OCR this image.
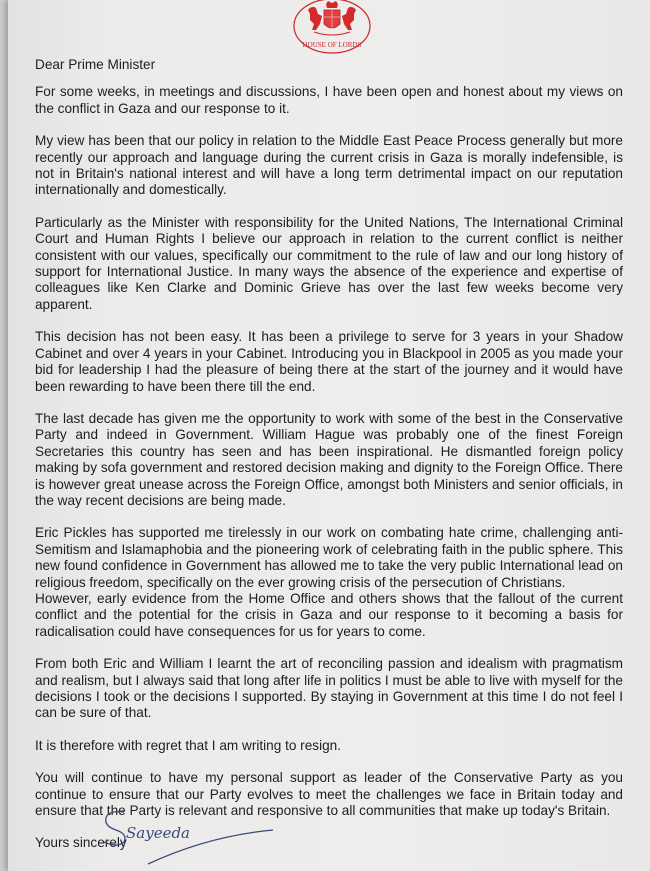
HOUSE OF LORDS
Dear Prime Minister

For some weeks, in meetings and discussions, I have been open and honest about my views on the conflict in Gaza and our response to it.

My view has been that our policy in relation to the Middle East Peace Process generally but more recently our approach and language during the current crisis in Gaza is morally indefensible, is not in Britain's national interest and will have a long term detrimental impact on our reputation internationally and domestically.

Particularly as the Minister with responsibility for the United Nations, The International Criminal Court and Human Rights I believe our approach in relation to the current conflict is neither consistent with our values, specifically our commitment to the rule of law and our long history of support for International Justice. In many ways the absence of the experience and expertise of colleagues like Ken Clarke and Dominic Grieve has over the last few weeks become very apparent.

This decision has not been easy. It has been a privilege to serve for 3 years in your Shadow Cabinet and over 4 years in your Cabinet. Introducing you in Blackpool in 2005 as you made your bid for leadership I had the pleasure of being there at the start of the journey and it would have been rewarding to have been there till the end.

The last decade has given me the opportunity to work with some of the best in the Conservative Party and indeed in Government. William Hague was probably one of the finest Foreign Secretaries this country has seen and has been inspirational. He dismantled foreign policy making by sofa government and restored decision making and dignity to the Foreign Office. There is however great unease across the Foreign Office, amongst both Ministers and senior officials, in the way recent decisions are being made.

Eric Pickles has supported me tirelessly in our work on combating hate crime, challenging anti-Semitism and Islamaphobia and the pioneering work of celebrating faith in the public sphere. This new found confidence in Government has allowed me to take the very public International lead on religious freedom, specifically on the ever growing crisis of the persecution of Christians.

However, early evidence from the Home Office and others shows that the fallout of the current conflict and the potential for the crisis in Gaza and our response to it becoming a basis for radicalisation could have consequences for us for years to come.

From both Eric and William I learnt the art of reconciling passion and idealism with pragmatism and realism, but I always said that long after life in politics I must be able to live with myself for the decisions I took or the decisions I supported. By staying in Government at this time I do not feel I can be sure of that.

It is therefore with regret that I am writing to resign.

You will continue to have my personal support as leader of the Conservative Party as you continue to ensure that our Party evolves to meet the challenges we face in Britain today and ensure that the Party is relevant and responsive to all communities that make up today's Britain.

Yours sincerely
Sayeeda
